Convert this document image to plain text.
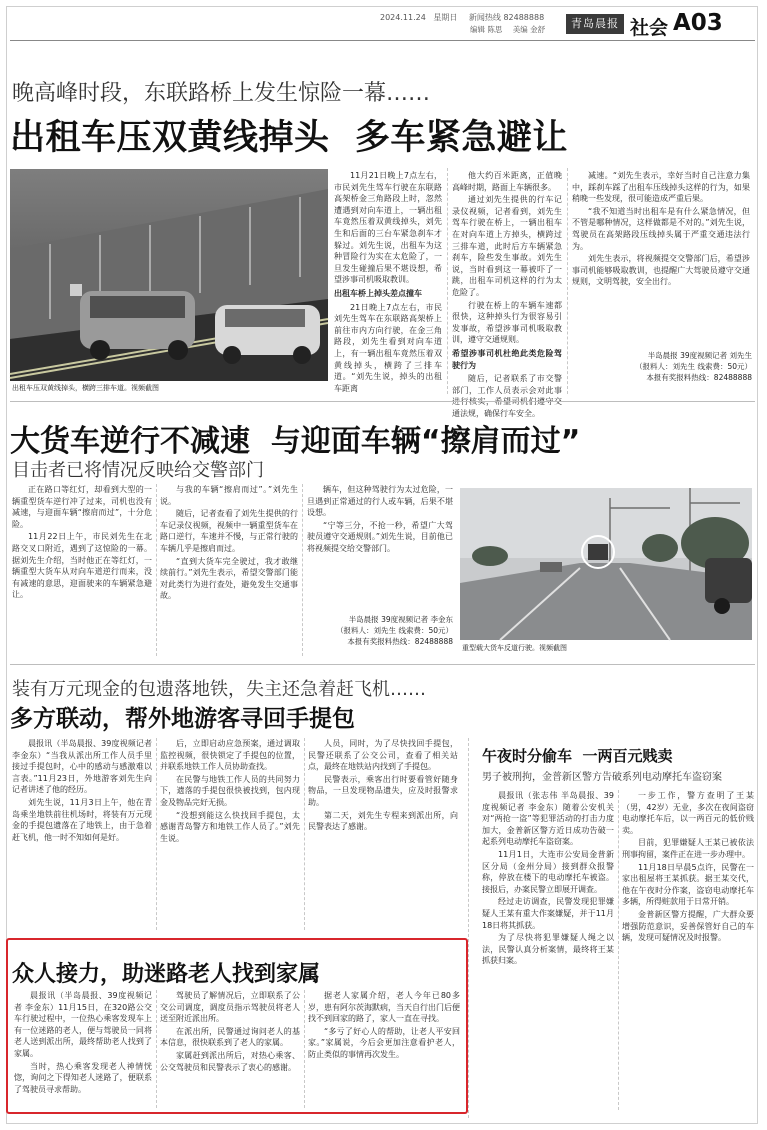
2024.11.24 星期日 新闻热线 82488888
编辑 陈思 美编 金舒	青岛晨报 社会 A03
晚高峰时段，东联路桥上发生惊险一幕……
出租车压双黄线掉头  多车紧急避让
出租车压双黄线掉头，横跨三排车道。视频截图

11月21日晚上7点左右，市民刘先生驾车行驶在东联路高架桥金三角路段上时，忽然遭遇到对向车道上，一辆出租车竟然压着双黄线掉头，刘先生和后面的三台车紧急刹车才躲过。刘先生说，出租车为这种冒险行为实在太危险了，一旦发生碰撞后果不堪设想，希望涉事司机吸取教训。

出租车桥上掉头差点撞车

21日晚上7点左右，市民刘先生驾车在东联路高架桥上前往市内方向行驶，在金三角路段，刘先生看到对向车道上，有一辆出租车竟然压着双黄线掉头，横跨了三排车道。“刘先生说，掉头的出租车距离

他大约百米距离，正值晚高峰时期，路面上车辆很多。

通过刘先生提供的行车记录仪视频，记者看到，刘先生驾车行驶在桥上，一辆出租车在对向车道上方掉头，横跨过三排车道，此时后方车辆紧急刹车，险些发生事故。刘先生说，当时看到这一幕被吓了一跳，出租车司机这样的行为太危险了。

行驶在桥上的车辆车速都很快，这种掉头行为很容易引发事故，希望涉事司机吸取教训，遵守交通规则。

希望涉事司机杜绝此类危险驾驶行为

随后，记者联系了市交警部门，工作人员表示会对此事 通法规，确保行车安全。

减速。“刘先生表示，幸好当时自己注意力集中，踩刹车踩了出租车压线掉头这样的行为，如果稍晚一些发现，很可能造成严重后果。

“我不知道当时出租车是有什么紧急情况，但不管是哪种情况，这样做都是不对的。”刘先生说，驾驶员在高架路段压线掉头属于严重交通违法行为。

刘先生表示，将视频提交交警部门后，希望涉事司机能够吸取教训，也提醒广大驾驶员遵守交通规则，文明驾驶，安全出行。

半岛晨报 39度视频记者 刘先生
（报料人：刘先生 线索费：50元）
本报有奖报料热线：82488888
大货车逆行不减速  与迎面车辆“擦肩而过”
目击者已将情况反映给交警部门

正在路口等红灯，却看到大型的一辆重型货车逆行冲了过来，司机也没有减速，与迎面车辆“擦肩而过”，十分危险。

11月22日上午，市民刘先生在北路交叉口附近，遇到了这惊险的一幕。据刘先生介绍，当时他正在等红灯，一辆重型大货车从对向车道逆行而来，没有减速的意思，迎面驶来的车辆紧急避让。

与我的车辆“擦肩而过”。”刘先生说。

随后，记者查看了刘先生提供的行车记录仪视频，视频中一辆重型货车在路口逆行，车速并不慢，与正常行驶的车辆几乎是擦肩而过。

“直到大货车完全驶过，我才敢继续前行。”刘先生表示，希望交警部门能对此类行为进行查处，避免发生交通事故。

辆车，但这种驾驶行为太过危险，一旦遇到正常通过的行人或车辆，后果不堪设想。

“宁等三分，不抢一秒，希望广大驾驶员遵守交通规则。”刘先生说，目前他已将视频提交给交警部门。

半岛晨报 39度视频记者 李金东
（报料人：刘先生 线索费：50元）
本报有奖报料热线：82488888
重型载大货车反道行驶。视频截图
装有万元现金的包遗落地铁，失主还急着赶飞机……
多方联动，帮外地游客寻回手提包

晨报讯（半岛晨报、39度视频记者 李金东）“当我从派出所工作人员手里接过手提包时，心中的感动与感激难以言表。”11月23日，外地游客刘先生向记者讲述了他的经历。

刘先生说，11月3日上午，他在青岛乘坐地铁前往机场时，将装有万元现金的手提包遗落在了地铁上，由于急着赶飞机，他一时不知如何是好。

后，立即启动应急预案，通过调取监控视频，很快锁定了手提包的位置，并联系地铁工作人员协助查找。

在民警与地铁工作人员的共同努力下，遗落的手提包很快被找到，包内现金及物品完好无损。

“没想到能这么快找回手提包，太感谢青岛警方和地铁工作人员了。”刘先生说。

人员，同时，为了尽快找回手提包，民警还联系了公交公司，查看了相关站点，最终在地铁站内找到了手提包。

民警表示，乘客出行时要看管好随身物品，一旦发现物品遗失，应及时报警求助。

第二天，刘先生专程来到派出所，向民警表达了感谢。

午夜时分偷车  一两百元贱卖
男子被刑拘，金普新区警方告破系列电动摩托车盗窃案

晨报讯（张志伟 半岛晨报、39度视频记者 李金东）随着公安机关对“两抢一盗”等犯罪活动的打击力度加大，金普新区警方近日成功告破一起系列电动摩托车盗窃案。

11月1日，大连市公安局金普新区分局（金州分局）接到群众报警称，停放在楼下的电动摩托车被盗。接报后，办案民警立即展开调查。

经过走访调查，民警发现犯罪嫌疑人王某有重大作案嫌疑，并于11月18日将其抓获。

为了尽快将犯罪嫌疑人绳之以法，民警认真分析案情，最终将王某抓获归案。

一步工作，警方查明了王某（男，42岁）无业，多次在夜间盗窃电动摩托车后，以一两百元的低价贱卖。

目前，犯罪嫌疑人王某已被依法刑事拘留，案件正在进一步办理中。

11月18日早晨5点许，民警在一家出租屋将王某抓获。据王某交代，他在午夜时分作案，盗窃电动摩托车多辆，所得赃款用于日常开销。

金普新区警方提醒，广大群众要增强防范意识，妥善保管好自己的车辆，发现可疑情况及时报警。

众人接力，助迷路老人找到家属

晨报讯（半岛晨报、39度视频记者 李金东）11月15日，在320路公交车行驶过程中，一位热心乘客发现车上有一位迷路的老人，便与驾驶员一同将老人送到派出所，最终帮助老人找到了家属。

当时，热心乘客发现老人神情恍惚，询问之下得知老人迷路了，便联系了驾驶员寻求帮助。

驾驶员了解情况后，立即联系了公交公司调度，调度员指示驾驶员将老人送至附近派出所。

在派出所，民警通过询问老人的基本信息，很快联系到了老人的家属。

家属赶到派出所后，对热心乘客、公交驾驶员和民警表示了衷心的感谢。

据老人家属介绍，老人今年已80多岁，患有阿尔茨海默病，当天自行出门后便找不到回家的路了，家人一直在寻找。

“多亏了好心人的帮助，让老人平安回家。”家属说，今后会更加注意看护老人，防止类似的事情再次发生。
